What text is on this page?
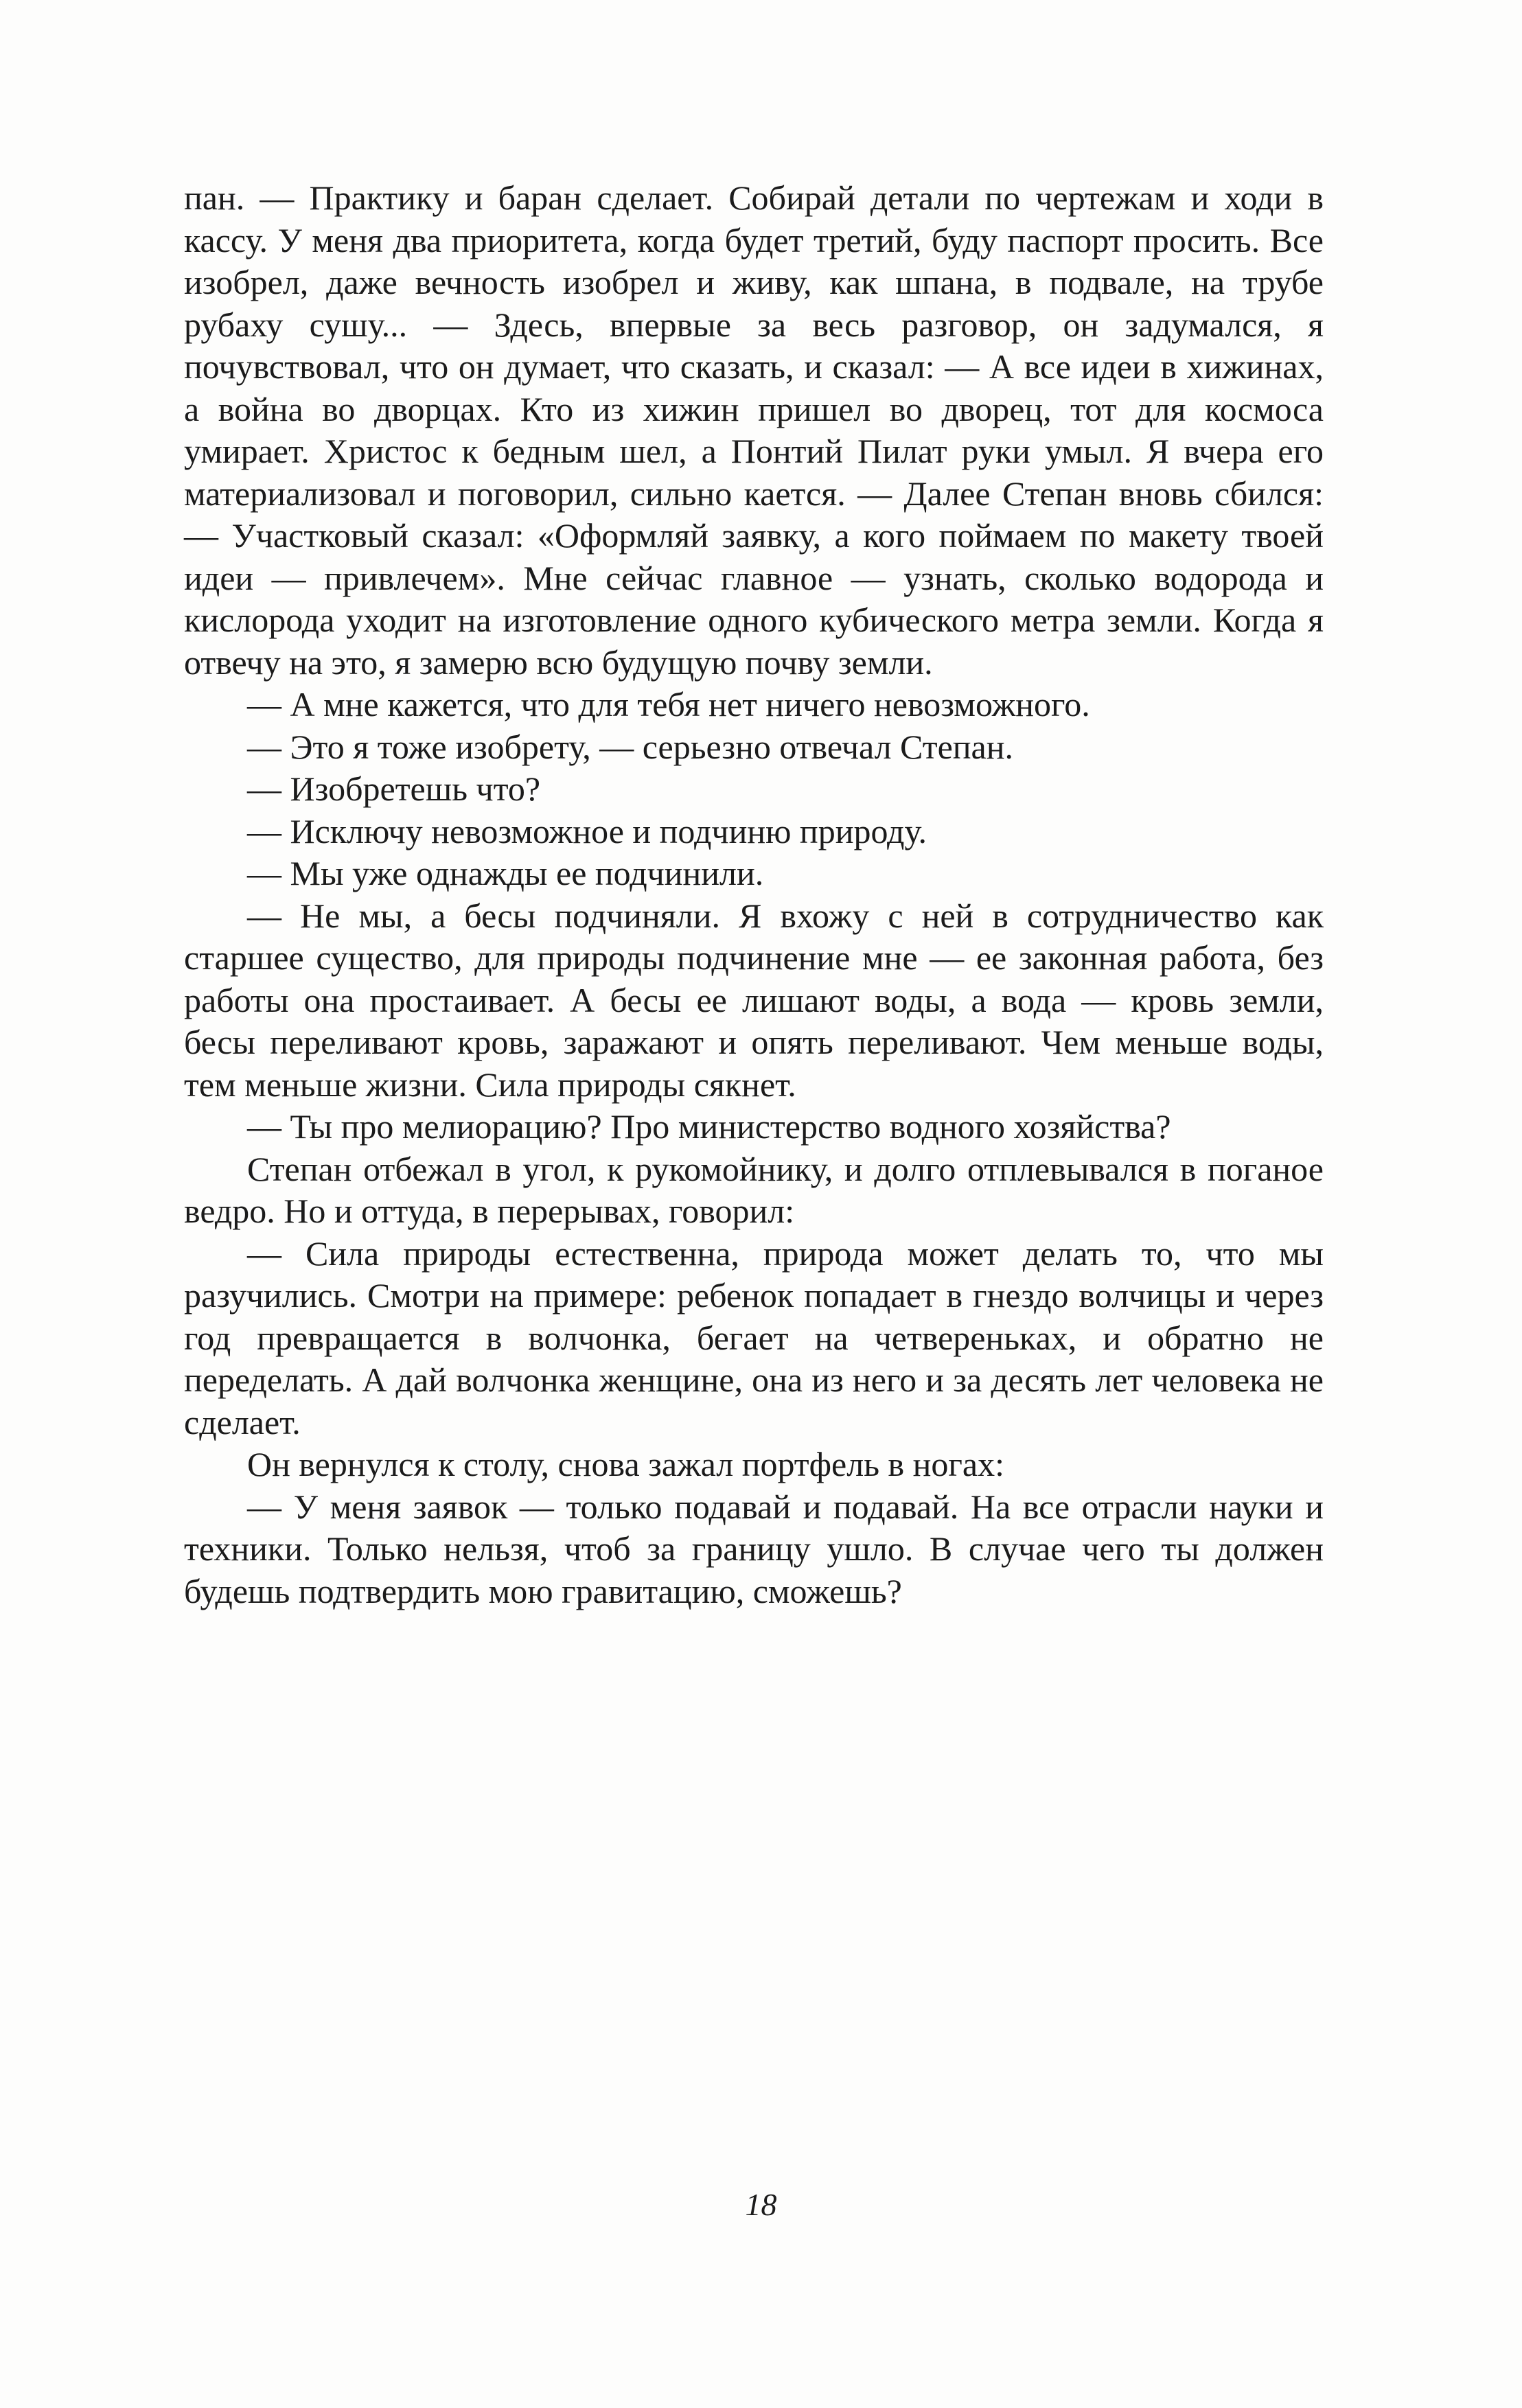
пан. — Практику и баран сделает. Собирай детали по чертежам и ходи в кассу. У меня два приоритета, когда будет третий, буду паспорт просить. Все изобрел, даже вечность изобрел и живу, как шпана, в подвале, на трубе рубаху сушу... — Здесь, впервые за весь разговор, он задумался, я почувствовал, что он думает, что сказать, и сказал: — А все идеи в хижинах, а война во дворцах. Кто из хижин пришел во дворец, тот для космоса умирает. Христос к бедным шел, а Понтий Пилат руки умыл. Я вчера его материализовал и поговорил, сильно кается. — Далее Степан вновь сбился: — Участковый сказал: «Оформляй заявку, а кого поймаем по макету твоей идеи — привлечем». Мне сейчас главное — узнать, сколько водорода и кислорода уходит на изготовление одного кубического метра земли. Когда я отвечу на это, я замерю всю будущую почву земли.

— А мне кажется, что для тебя нет ничего невозможного.

— Это я тоже изобрету, — серьезно отвечал Степан.

— Изобретешь что?

— Исключу невозможное и подчиню природу.

— Мы уже однажды ее подчинили.

— Не мы, а бесы подчиняли. Я вхожу с ней в сотрудничество как старшее существо, для природы подчинение мне — ее законная работа, без работы она простаивает. А бесы ее лишают воды, а вода — кровь земли, бесы переливают кровь, заражают и опять переливают. Чем меньше воды, тем меньше жизни. Сила природы сякнет.

— Ты про мелиорацию? Про министерство водного хозяйства?

Степан отбежал в угол, к рукомойнику, и долго отплевывался в поганое ведро. Но и оттуда, в перерывах, говорил:

— Сила природы естественна, природа может делать то, что мы разучились. Смотри на примере: ребенок попадает в гнездо волчицы и через год превращается в волчонка, бегает на четвереньках, и обратно не переделать. А дай волчонка женщине, она из него и за десять лет человека не сделает.

Он вернулся к столу, снова зажал портфель в ногах:

— У меня заявок — только подавай и подавай. На все отрасли науки и техники. Только нельзя, чтоб за границу ушло. В случае чего ты должен будешь подтвердить мою гравитацию, сможешь?

18
